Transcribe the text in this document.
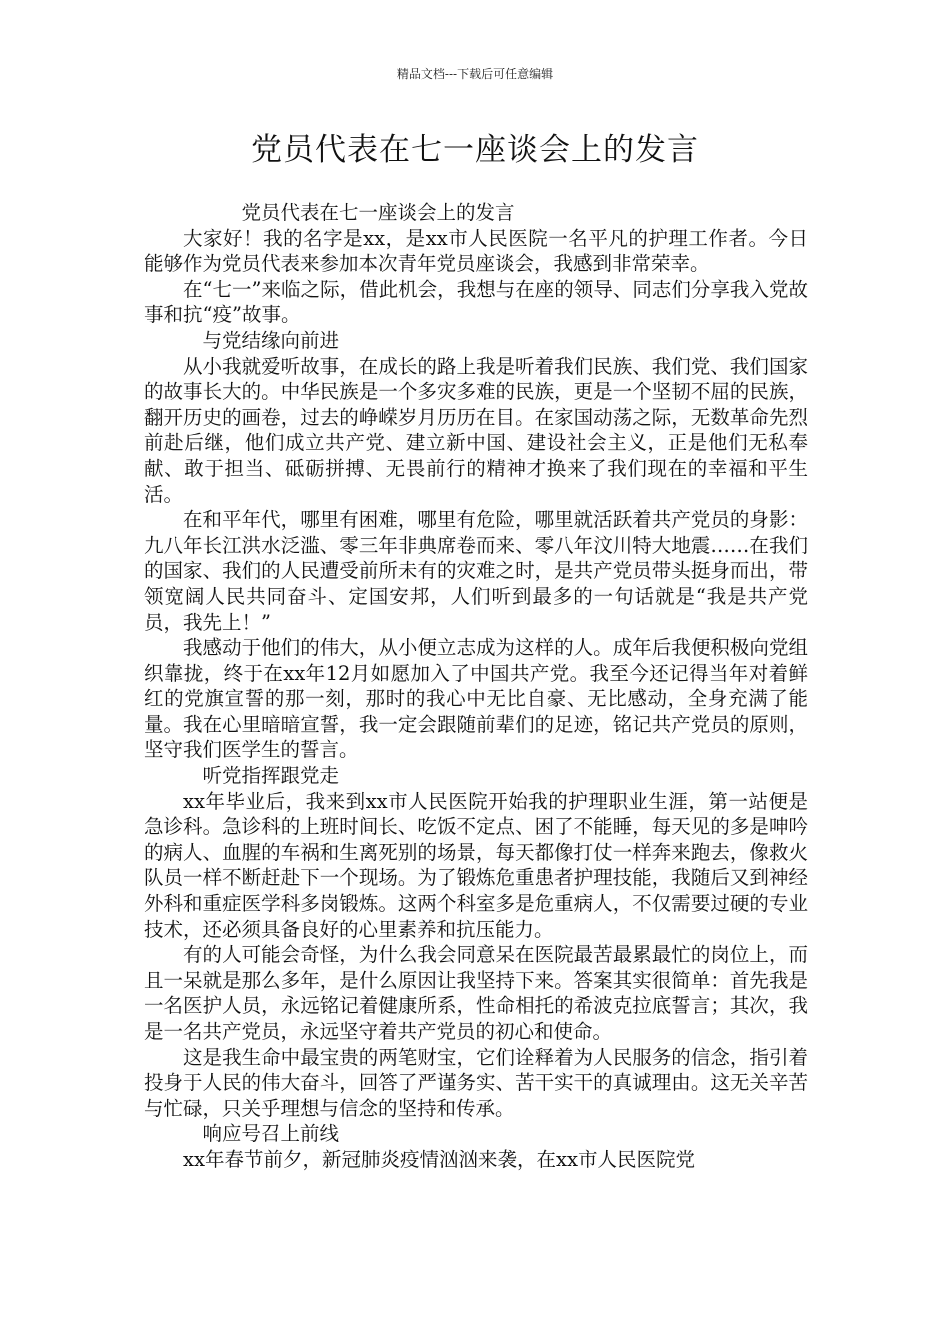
精品文档---下载后可任意编辑
党员代表在七一座谈会上的发言

党员代表在七一座谈会上的发言

大家好！我的名字是xx，是xx市人民医院一名平凡的护理工作者。今日能够作为党员代表来参加本次青年党员座谈会，我感到非常荣幸。

在“七一”来临之际，借此机会，我想与在座的领导、同志们分享我入党故事和抗“疫”故事。

与党结缘向前进

从小我就爱听故事，在成长的路上我是听着我们民族、我们党、我们国家的故事长大的。中华民族是一个多灾多难的民族，更是一个坚韧不屈的民族，翻开历史的画卷，过去的峥嵘岁月历历在目。在家国动荡之际，无数革命先烈前赴后继，他们成立共产党、建立新中国、建设社会主义，正是他们无私奉献、敢于担当、砥砺拼搏、无畏前行的精神才换来了我们现在的幸福和平生活。

在和平年代，哪里有困难，哪里有危险，哪里就活跃着共产党员的身影：九八年长江洪水泛滥、零三年非典席卷而来、零八年汶川特大地震……在我们的国家、我们的人民遭受前所未有的灾难之时，是共产党员带头挺身而出，带领宽阔人民共同奋斗、定国安邦，人们听到最多的一句话就是“我是共产党员，我先上！”

我感动于他们的伟大，从小便立志成为这样的人。成年后我便积极向党组织靠拢，终于在xx年12月如愿加入了中国共产党。我至今还记得当年对着鲜红的党旗宣誓的那一刻，那时的我心中无比自豪、无比感动，全身充满了能量。我在心里暗暗宣誓，我一定会跟随前辈们的足迹，铭记共产党员的原则，坚守我们医学生的誓言。

听党指挥跟党走

xx年毕业后，我来到xx市人民医院开始我的护理职业生涯，第一站便是急诊科。急诊科的上班时间长、吃饭不定点、困了不能睡，每天见的多是呻吟的病人、血腥的车祸和生离死别的场景，每天都像打仗一样奔来跑去，像救火队员一样不断赶赴下一个现场。为了锻炼危重患者护理技能，我随后又到神经外科和重症医学科多岗锻炼。这两个科室多是危重病人，不仅需要过硬的专业技术，还必须具备良好的心里素养和抗压能力。

有的人可能会奇怪，为什么我会同意呆在医院最苦最累最忙的岗位上，而且一呆就是那么多年，是什么原因让我坚持下来。答案其实很简单：首先我是一名医护人员，永远铭记着健康所系，性命相托的希波克拉底誓言；其次，我是一名共产党员，永远坚守着共产党员的初心和使命。

这是我生命中最宝贵的两笔财宝，它们诠释着为人民服务的信念，指引着投身于人民的伟大奋斗，回答了严谨务实、苦干实干的真诚理由。这无关辛苦与忙碌，只关乎理想与信念的坚持和传承。

响应号召上前线

xx年春节前夕，新冠肺炎疫情汹汹来袭，在xx市人民医院党
